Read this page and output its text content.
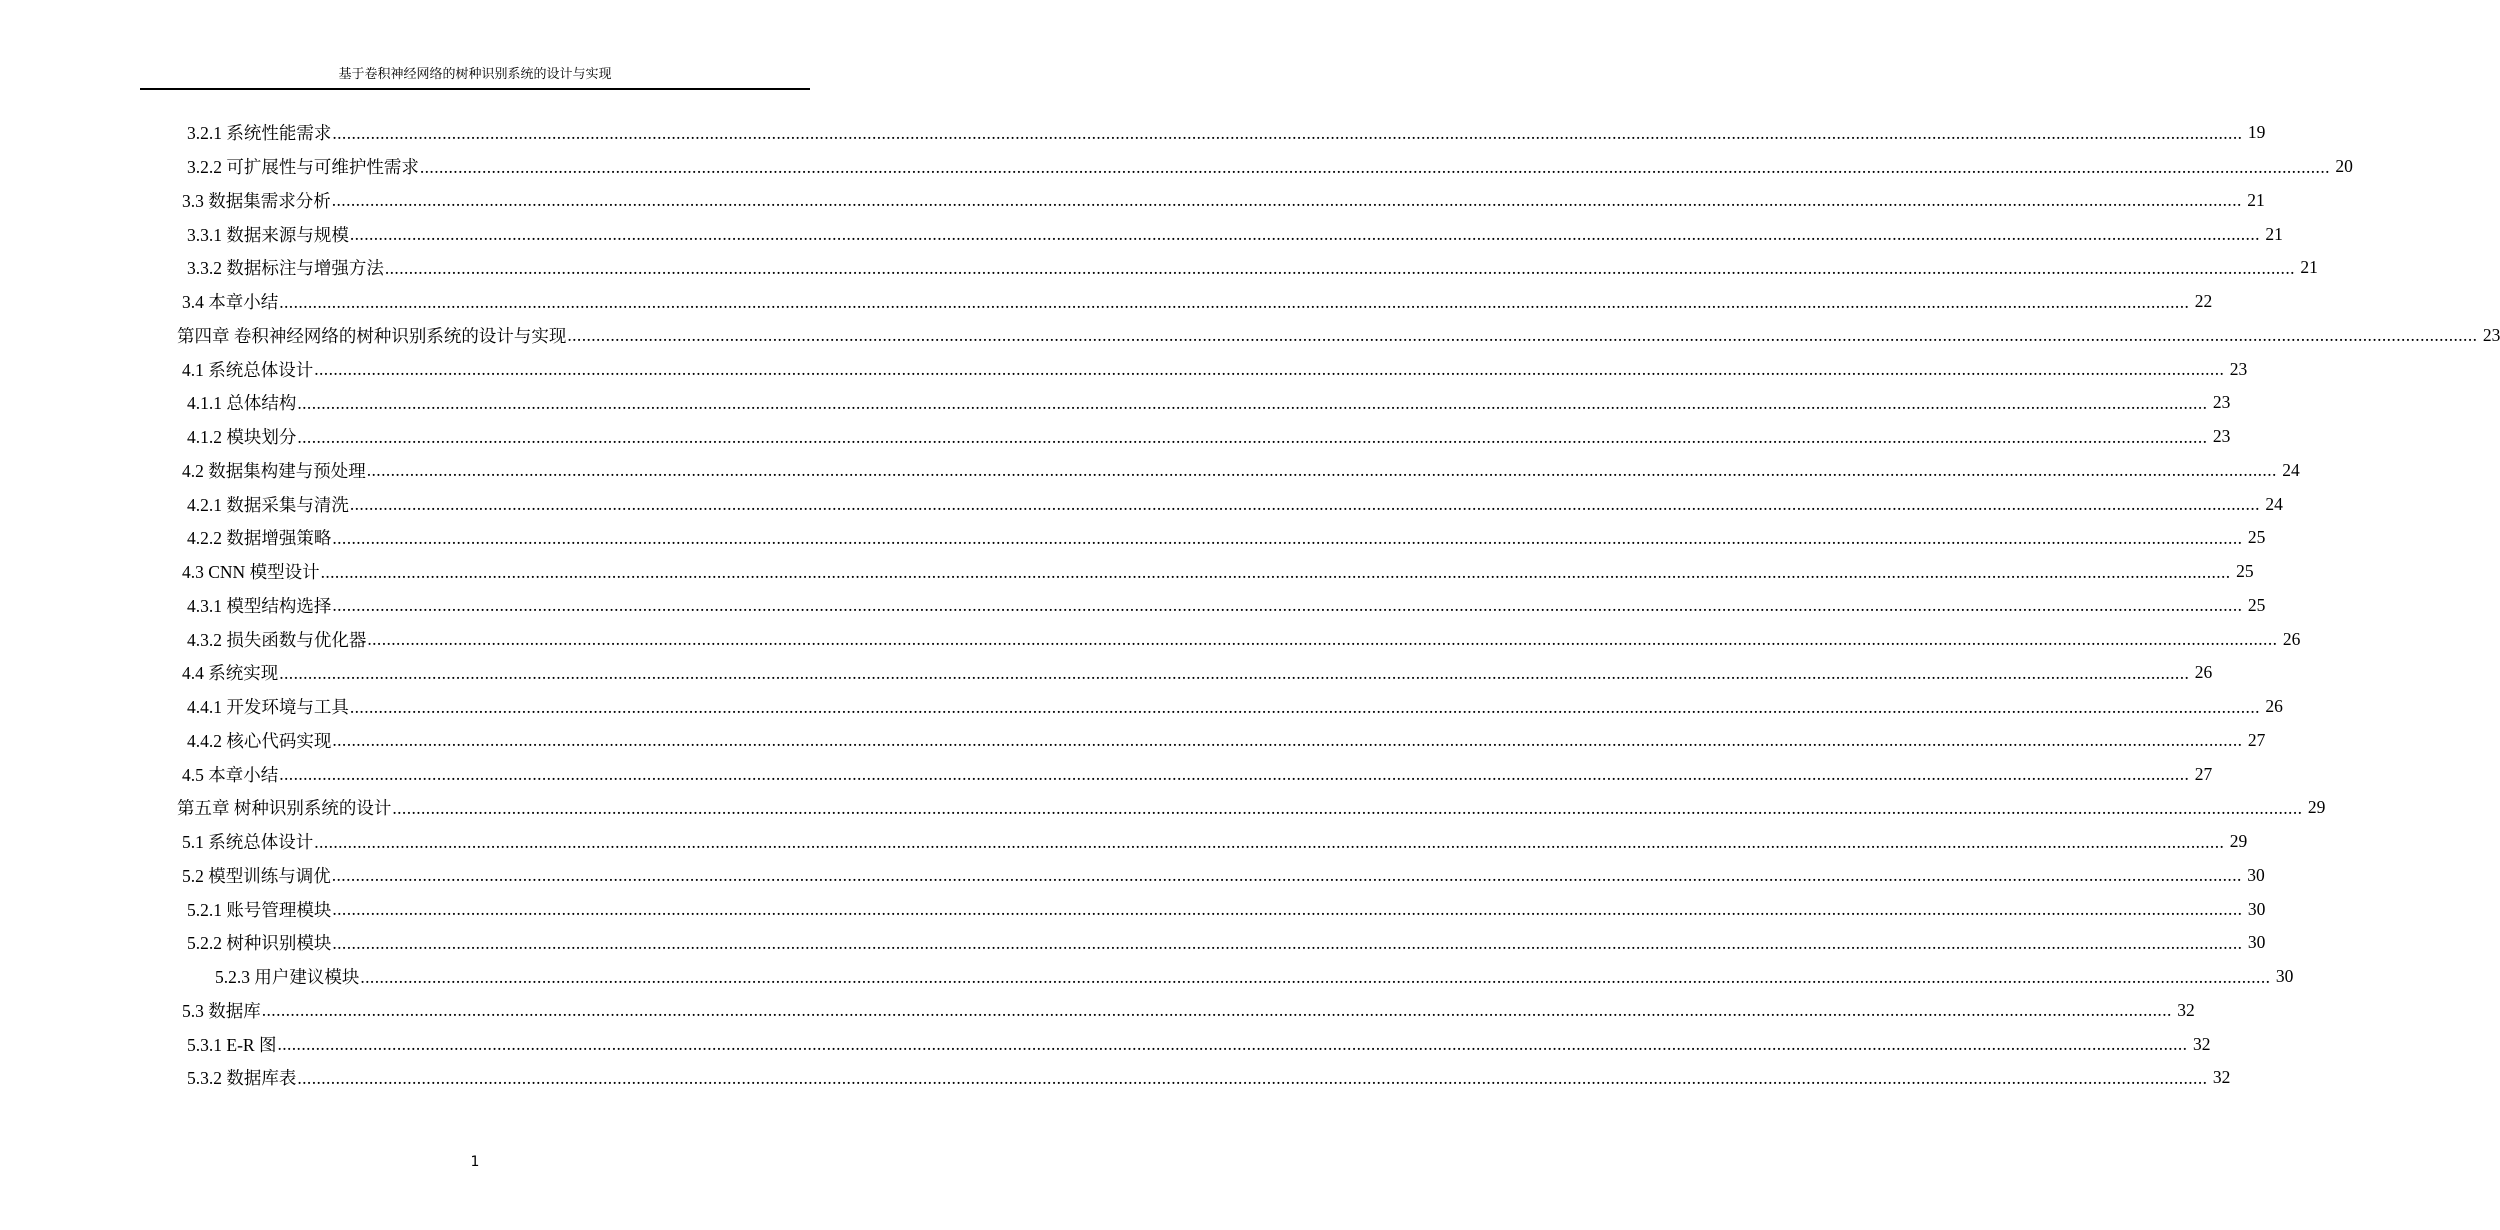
基于卷积神经网络的树种识别系统的设计与实现
3.2.1 系统性能需求 ................................................................................................................................................................................................................................................................................................................................................................................................................ 19
3.2.2 可扩展性与可维护性需求 ................................................................................................................................................................................................................................................................................................................................................................................................................ 20
3.3 数据集需求分析 ................................................................................................................................................................................................................................................................................................................................................................................................................ 21
3.3.1 数据来源与规模 ................................................................................................................................................................................................................................................................................................................................................................................................................ 21
3.3.2 数据标注与增强方法 ................................................................................................................................................................................................................................................................................................................................................................................................................ 21
3.4 本章小结 ................................................................................................................................................................................................................................................................................................................................................................................................................ 22
第四章 卷积神经网络的树种识别系统的设计与实现 ................................................................................................................................................................................................................................................................................................................................................................................................................ 23
4.1 系统总体设计 ................................................................................................................................................................................................................................................................................................................................................................................................................ 23
4.1.1 总体结构 ................................................................................................................................................................................................................................................................................................................................................................................................................ 23
4.1.2 模块划分 ................................................................................................................................................................................................................................................................................................................................................................................................................ 23
4.2 数据集构建与预处理 ................................................................................................................................................................................................................................................................................................................................................................................................................ 24
4.2.1 数据采集与清洗 ................................................................................................................................................................................................................................................................................................................................................................................................................ 24
4.2.2 数据增强策略 ................................................................................................................................................................................................................................................................................................................................................................................................................ 25
4.3 CNN 模型设计 ................................................................................................................................................................................................................................................................................................................................................................................................................ 25
4.3.1 模型结构选择 ................................................................................................................................................................................................................................................................................................................................................................................................................ 25
4.3.2 损失函数与优化器 ................................................................................................................................................................................................................................................................................................................................................................................................................ 26
4.4 系统实现 ................................................................................................................................................................................................................................................................................................................................................................................................................ 26
4.4.1 开发环境与工具 ................................................................................................................................................................................................................................................................................................................................................................................................................ 26
4.4.2 核心代码实现 ................................................................................................................................................................................................................................................................................................................................................................................................................ 27
4.5 本章小结 ................................................................................................................................................................................................................................................................................................................................................................................................................ 27
第五章 树种识别系统的设计 ................................................................................................................................................................................................................................................................................................................................................................................................................ 29
5.1 系统总体设计 ................................................................................................................................................................................................................................................................................................................................................................................................................ 29
5.2 模型训练与调优 ................................................................................................................................................................................................................................................................................................................................................................................................................ 30
5.2.1 账号管理模块 ................................................................................................................................................................................................................................................................................................................................................................................................................ 30
5.2.2 树种识别模块 ................................................................................................................................................................................................................................................................................................................................................................................................................ 30
5.2.3 用户建议模块 ................................................................................................................................................................................................................................................................................................................................................................................................................ 30
5.3 数据库 ................................................................................................................................................................................................................................................................................................................................................................................................................ 32
5.3.1 E-R 图 ................................................................................................................................................................................................................................................................................................................................................................................................................ 32
5.3.2 数据库表 ................................................................................................................................................................................................................................................................................................................................................................................................................ 32
1
